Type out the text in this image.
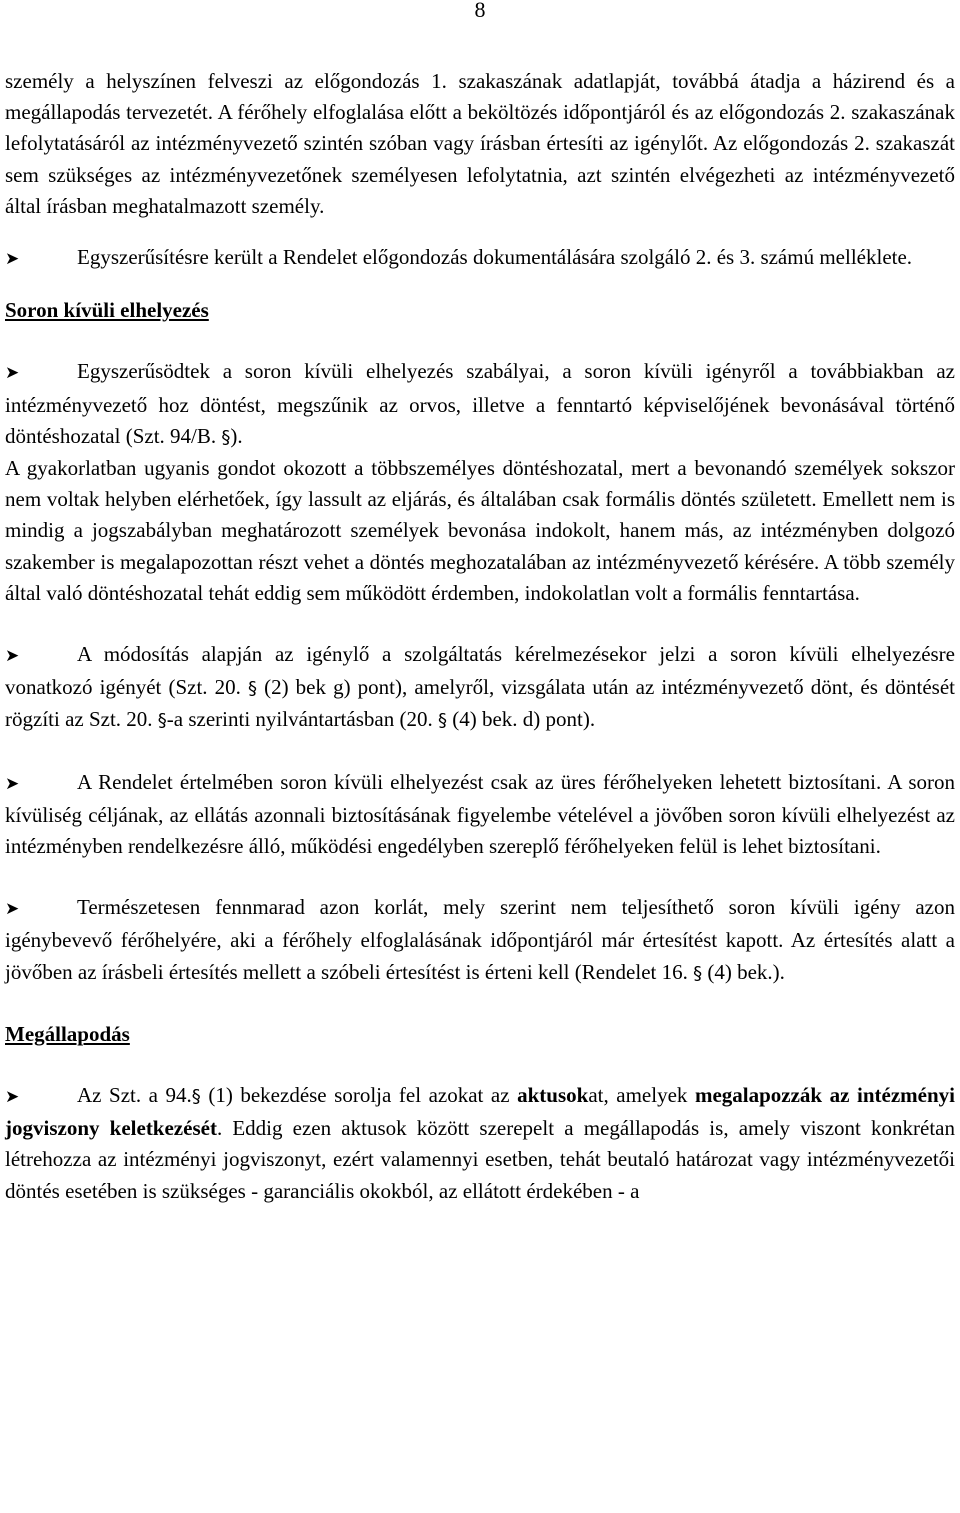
8

személy a helyszínen felveszi az előgondozás 1. szakaszának adatlapját, továbbá átadja a házirend és a megállapodás tervezetét. A férőhely elfoglalása előtt a beköltözés időpontjáról és az előgondozás 2. szakaszának lefolytatásáról az intézményvezető szintén szóban vagy írásban értesíti az igénylőt. Az előgondozás 2. szakaszát sem szükséges az intézményvezetőnek személyesen lefolytatnia, azt szintén elvégezheti az intézményvezető által írásban meghatalmazott személy.

➤	Egyszerűsítésre került a Rendelet előgondozás dokumentálására szolgáló 2. és 3. számú melléklete.

Soron kívüli elhelyezés

➤	Egyszerűsödtek a soron kívüli elhelyezés szabályai, a soron kívüli igényről a továbbiakban az intézményvezető hoz döntést, megszűnik az orvos, illetve a fenntartó képviselőjének bevonásával történő döntéshozatal (Szt. 94/B. §).

A gyakorlatban ugyanis gondot okozott a többszemélyes döntéshozatal, mert a bevonandó személyek sokszor nem voltak helyben elérhetőek, így lassult az eljárás, és általában csak formális döntés született. Emellett nem is mindig a jogszabályban meghatározott személyek bevonása indokolt, hanem más, az intézményben dolgozó szakember is megalapozottan részt vehet a döntés meghozatalában az intézményvezető kérésére. A több személy által való döntéshozatal tehát eddig sem működött érdemben, indokolatlan volt a formális fenntartása.

➤	A módosítás alapján az igénylő a szolgáltatás kérelmezésekor jelzi a soron kívüli elhelyezésre vonatkozó igényét (Szt. 20. § (2) bek g) pont), amelyről, vizsgálata után az intézményvezető dönt, és döntését rögzíti az Szt. 20. §-a szerinti nyilvántartásban (20. § (4) bek. d) pont).

➤	A Rendelet értelmében soron kívüli elhelyezést csak az üres férőhelyeken lehetett biztosítani. A soron kívüliség céljának, az ellátás azonnali biztosításának figyelembe vételével a jövőben soron kívüli elhelyezést az intézményben rendelkezésre álló, működési engedélyben szereplő férőhelyeken felül is lehet biztosítani.

➤	Természetesen fennmarad azon korlát, mely szerint nem teljesíthető soron kívüli igény azon igénybevevő férőhelyére, aki a férőhely elfoglalásának időpontjáról már értesítést kapott. Az értesítés alatt a jövőben az írásbeli értesítés mellett a szóbeli értesítést is érteni kell (Rendelet 16. § (4) bek.).

Megállapodás

➤	Az Szt. a 94.§ (1) bekezdése sorolja fel azokat az aktusokat, amelyek megalapozzák az intézményi jogviszony keletkezését. Eddig ezen aktusok között szerepelt a megállapodás is, amely viszont konkrétan létrehozza az intézményi jogviszonyt, ezért valamennyi esetben, tehát beutaló határozat vagy intézményvezetői döntés esetében is szükséges - garanciális okokból, az ellátott érdekében - a
